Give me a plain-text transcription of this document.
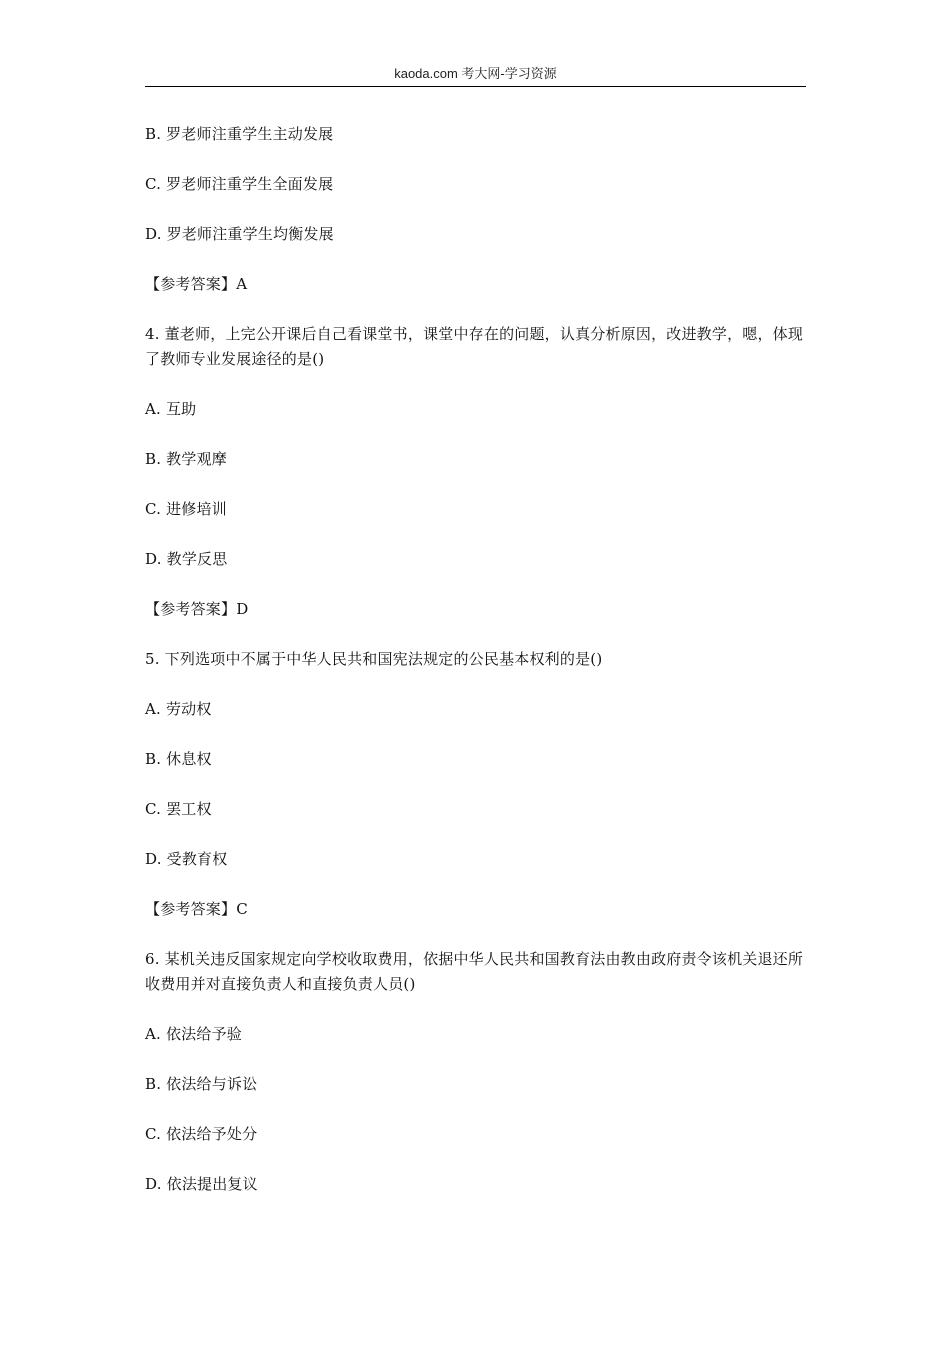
kaoda.com 考大网-学习资源

B. 罗老师注重学生主动发展

C. 罗老师注重学生全面发展

D. 罗老师注重学生均衡发展

【参考答案】A

4. 董老师，上完公开课后自己看课堂书，课堂中存在的问题，认真分析原因，改进教学，嗯，体现了教师专业发展途径的是()

A. 互助

B. 教学观摩

C. 进修培训

D. 教学反思

【参考答案】D

5. 下列选项中不属于中华人民共和国宪法规定的公民基本权利的是()

A. 劳动权

B. 休息权

C. 罢工权

D. 受教育权

【参考答案】C

6. 某机关违反国家规定向学校收取费用，依据中华人民共和国教育法由教由政府责令该机关退还所收费用并对直接负责人和直接负责人员()

A. 依法给予验

B. 依法给与诉讼

C. 依法给予处分

D. 依法提出复议
